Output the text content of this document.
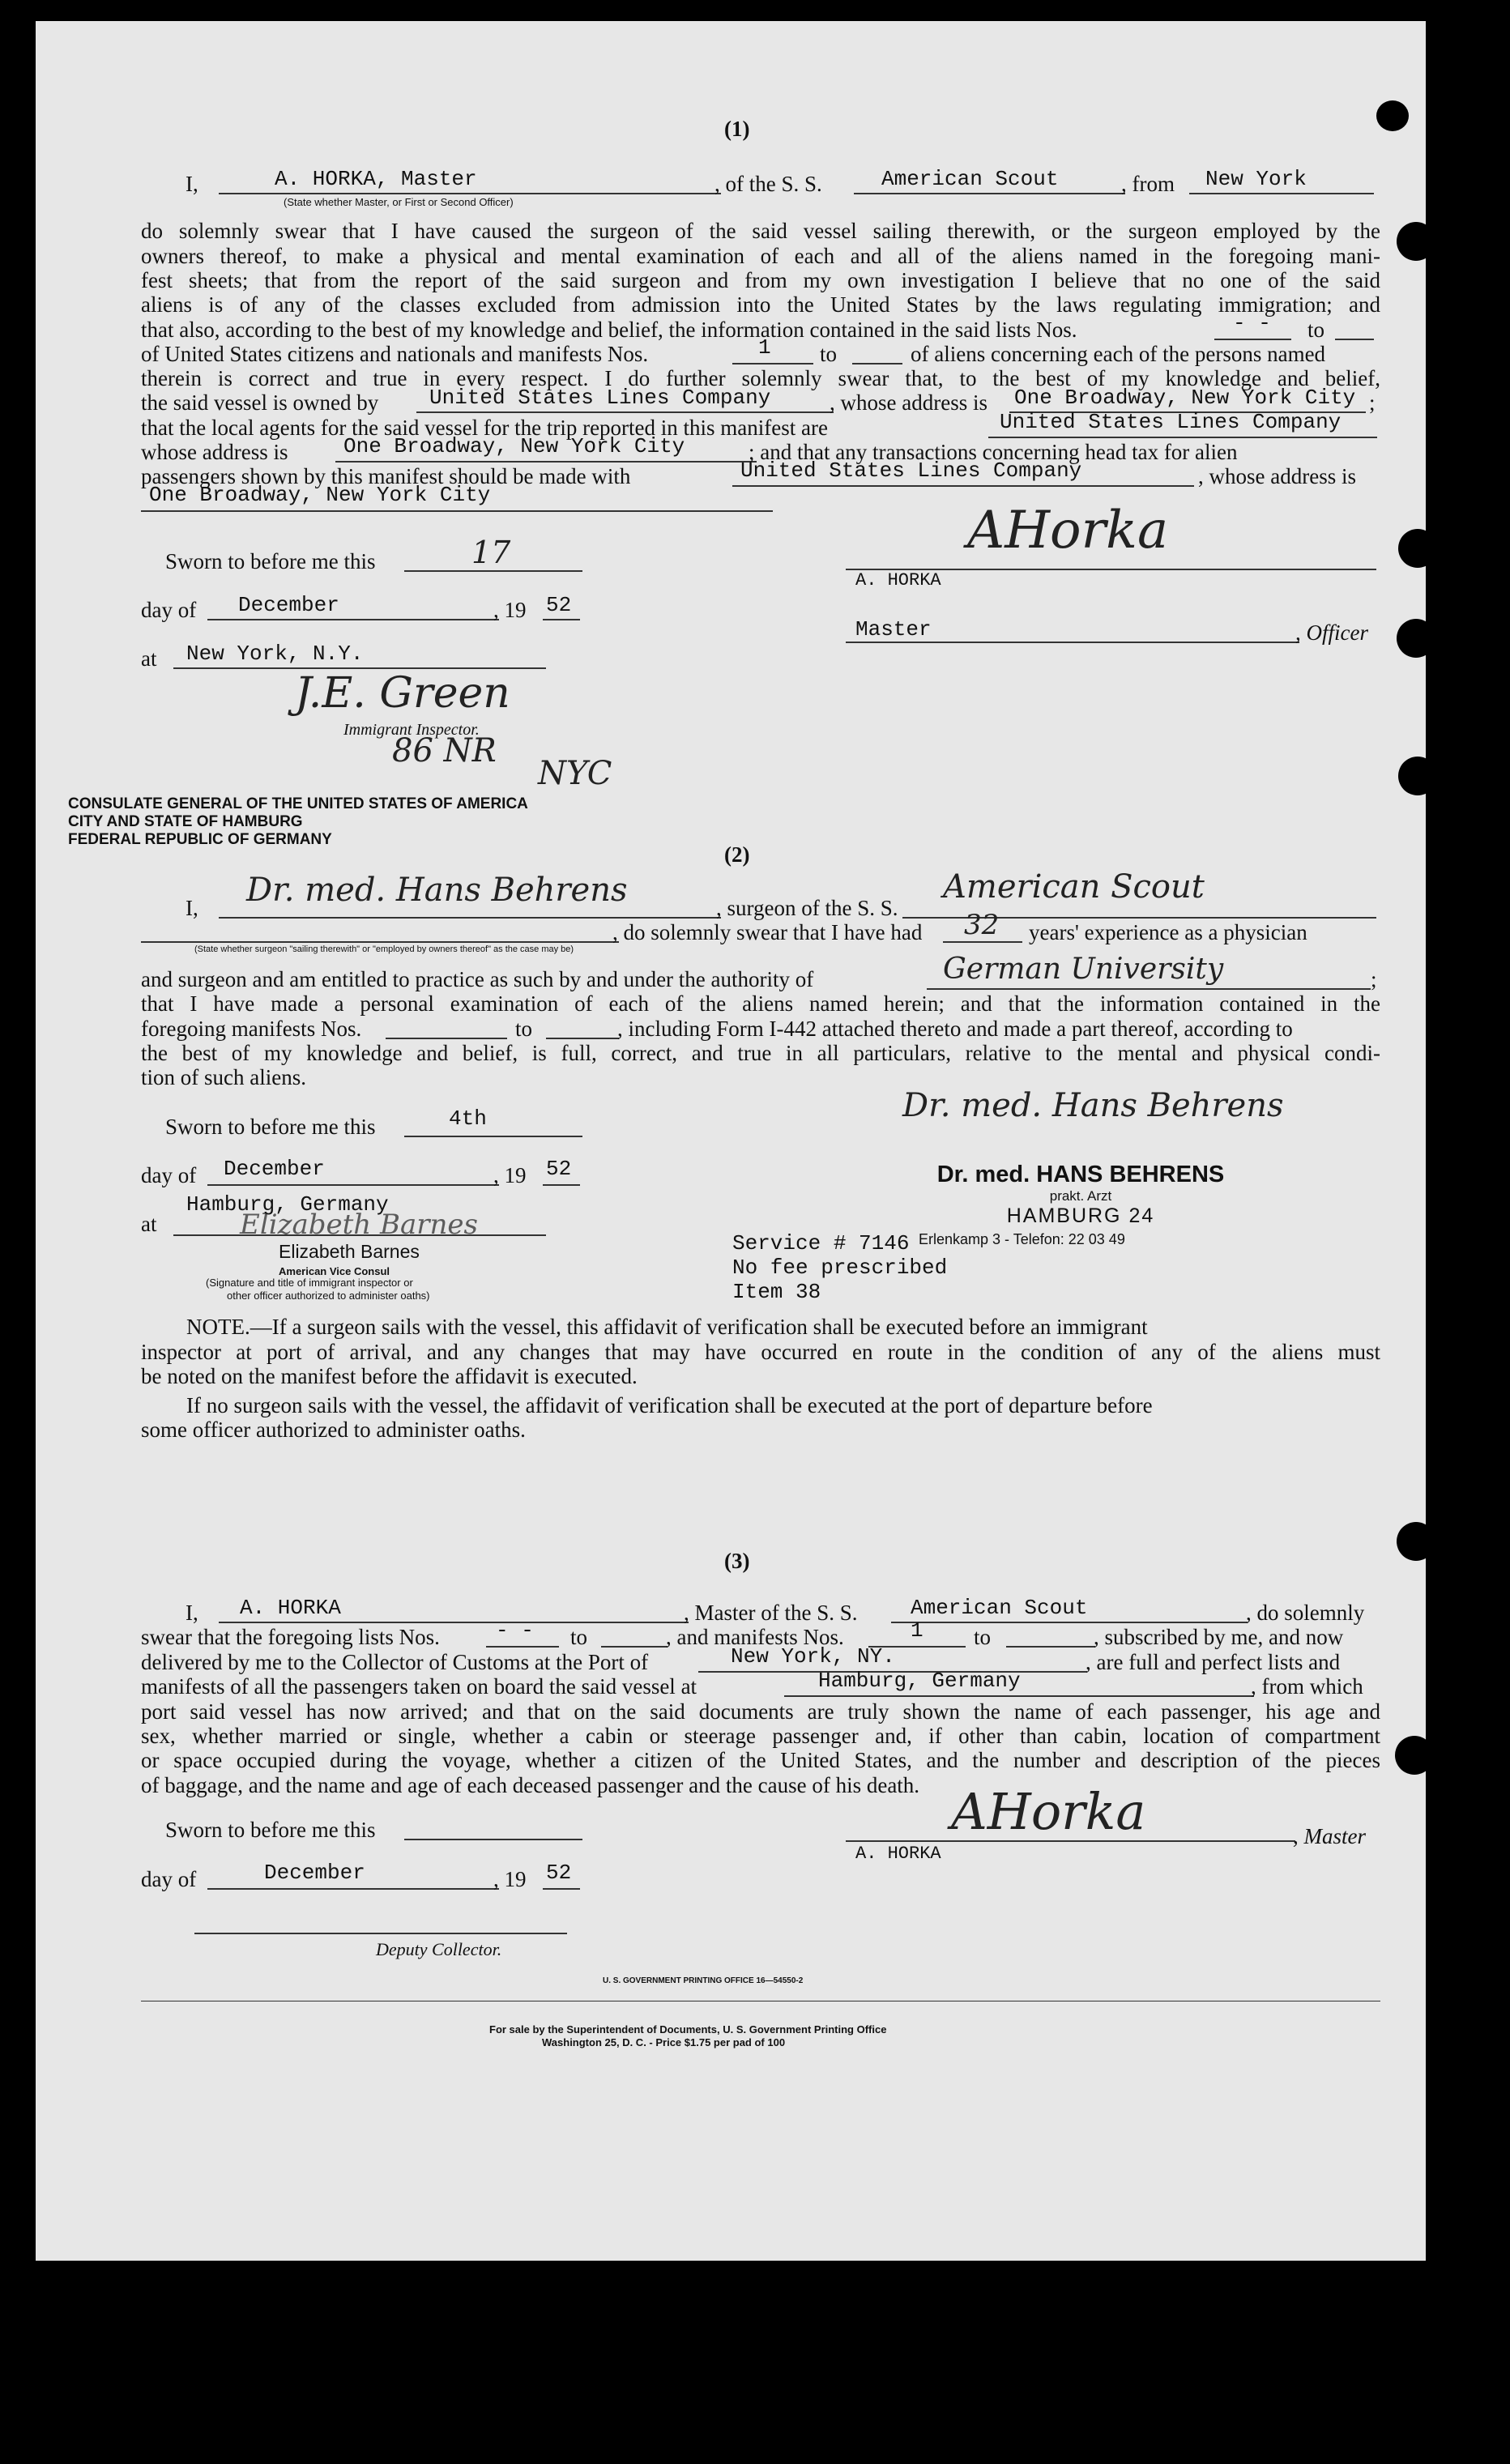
(1)
I,	A. HORKA, Master
(State whether Master, or First or Second Officer)
, of the S. S.	American Scout	, from New York
do solemnly swear that I have caused the surgeon of the said vessel sailing therewith, or the surgeon employed by the
owners thereof, to make a physical and mental examination of each and all of the aliens named in the foregoing mani-
fest sheets; that from the report of the said surgeon and from my own investigation I believe that no one of the said
aliens is of any of the classes excluded from admission into the United States by the laws regulating immigration; and
that also, according to the best of my knowledge and belief, the information contained in the said lists Nos.	- - to
of United States citizens and nationals and manifests Nos.	1 to	of aliens concerning each of the persons named
therein is correct and true in every respect. I do further solemnly swear that, to the best of my knowledge and belief,
the said vessel is owned by United States Lines Company	, whose address is One Broadway, New York City ;
that the local agents for the said vessel for the trip reported in this manifest are	United States Lines Company
whose address is	One Broadway, New York City	; and that any transactions concerning head tax for alien
passengers shown by this manifest should be made with	United States Lines Company	, whose address is
One Broadway, New York City
Sworn to before me this	17	AHorka
A. HORKA
day of December	, 19 52
Master	, Officer
at New York, N.Y.
J.E. Green
Immigrant Inspector.
86 NR
NYC
CONSULATE GENERAL OF THE UNITED STATES OF AMERICA
CITY AND STATE OF HAMBURG
FEDERAL REPUBLIC OF GERMANY
(2)
I, Dr. med. Hans Behrens	, surgeon of the S. S.
American Scout
, do solemnly swear that I have had 32 years' experience as a physician
(State whether surgeon "sailing therewith" or "employed by owners thereof" as the case may be)
and surgeon and am entitled to practice as such by and under the authority of	German University	;
that I have made a personal examination of each of the aliens named herein; and that the information contained in the
foregoing manifests Nos.	to	, including Form I-442 attached thereto and made a part thereof, according to
the best of my knowledge and belief, is full, correct, and true in all particulars, relative to the mental and physical condi-
tion of such aliens.
Sworn to before me this	4th	Dr. med. Hans Behrens
day of December	, 19 52	Dr. med. HANS BEHRENS
prakt. Arzt
HAMBURG 24
at
Hamburg, Germany
Elizabeth Barnes
Elizabeth Barnes
American Vice Consul
(Signature and title of immigrant inspector or
other officer authorized to administer oaths)
Service # 7146 Erlenkamp 3 - Telefon: 22 03 49
No fee prescribed
Item 38
NOTE.—If a surgeon sails with the vessel, this affidavit of verification shall be executed before an immigrant
inspector at port of arrival, and any changes that may have occurred en route in the condition of any of the aliens must
be noted on the manifest before the affidavit is executed.
If no surgeon sails with the vessel, the affidavit of verification shall be executed at the port of departure before
some officer authorized to administer oaths.
(3)
I, A. HORKA	, Master of the S. S.	American Scout	, do solemnly
swear that the foregoing lists Nos.	- - to	, and manifests Nos.	1 to	, subscribed by me, and now
delivered by me to the Collector of Customs at the Port of	New York, NY.	, are full and perfect lists and
manifests of all the passengers taken on board the said vessel at	Hamburg, Germany	, from which
port said vessel has now arrived; and that on the said documents are truly shown the name of each passenger, his age and
sex, whether married or single, whether a cabin or steerage passenger and, if other than cabin, location of compartment
or space occupied during the voyage, whether a citizen of the United States, and the number and description of the pieces
of baggage, and the name and age of each deceased passenger and the cause of his death.
Sworn to before me this	AHorka	, Master
A. HORKA
day of	December	, 19 52
Deputy Collector.
U. S. GOVERNMENT PRINTING OFFICE 16—54550-2
For sale by the Superintendent of Documents, U. S. Government Printing Office
Washington 25, D. C. - Price $1.75 per pad of 100
